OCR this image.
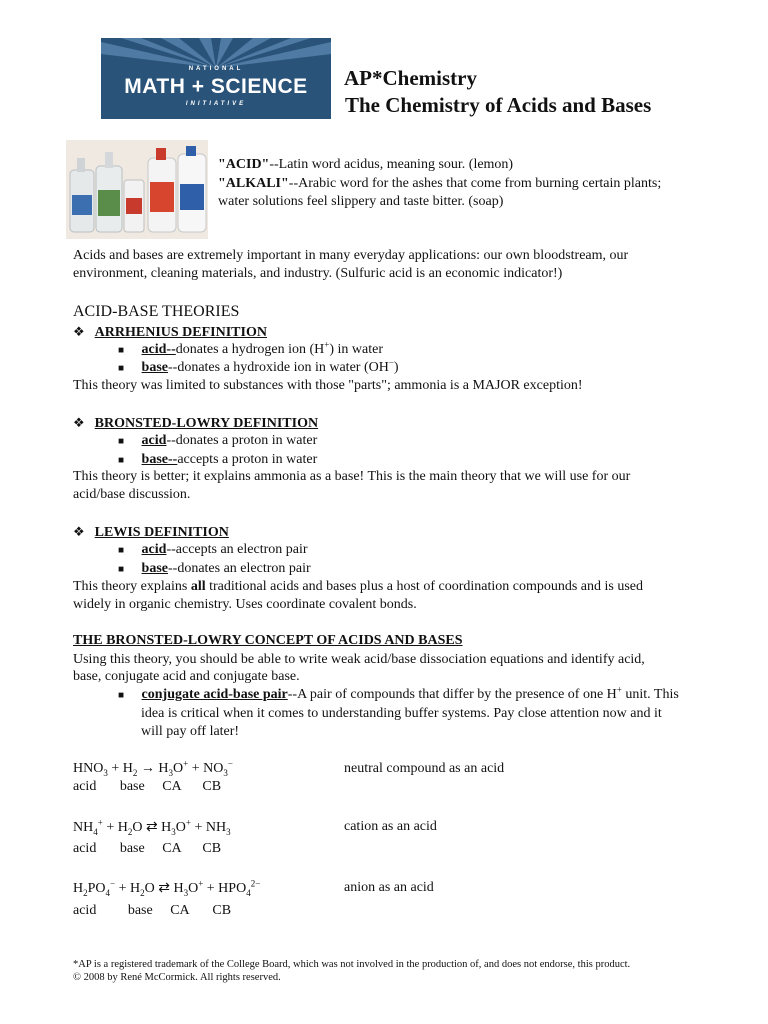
NATIONAL
MATH + SCIENCE
INITIATIVE
AP*Chemistry
The Chemistry of Acids and Bases
"ACID"--Latin word acidus, meaning sour. (lemon)
"ALKALI"--Arabic word for the ashes that come from burning certain plants;
water solutions feel slippery and taste bitter. (soap)
Acids and bases are extremely important in many everyday applications: our own bloodstream, our
environment, cleaning materials, and industry. (Sulfuric acid is an economic indicator!)
ACID-BASE THEORIES
❖ ARRHENIUS DEFINITION
■ acid--donates a hydrogen ion (H+) in water
■ base--donates a hydroxide ion in water (OH−)
This theory was limited to substances with those "parts"; ammonia is a MAJOR exception!
❖ BRONSTED-LOWRY DEFINITION
■ acid--donates a proton in water
■ base--accepts a proton in water
This theory is better; it explains ammonia as a base! This is the main theory that we will use for our
acid/base discussion.
❖ LEWIS DEFINITION
■ acid--accepts an electron pair
■ base--donates an electron pair
This theory explains all traditional acids and bases plus a host of coordination compounds and is used
widely in organic chemistry. Uses coordinate covalent bonds.
THE BRONSTED-LOWRY CONCEPT OF ACIDS AND BASES
Using this theory, you should be able to write weak acid/base dissociation equations and identify acid,
base, conjugate acid and conjugate base.
■ conjugate acid-base pair--A pair of compounds that differ by the presence of one H+ unit. This
idea is critical when it comes to understanding buffer systems. Pay close attention now and it
will pay off later!
$HNO_3 + H_2 \to H_3O^+ + NO_3^-$	neutral compound as an acid
acid base CA CB
$NH_4^+ + H_2O$ ⇄ $H_3O^+ + NH_3$	cation as an acid
acid base CA CB
$H_2PO_4^- + H_2O$ ⇄ $H_3O^+ + HPO_4^{2-}$	anion as an acid
acid base CA CB
*AP is a registered trademark of the College Board, which was not involved in the production of, and does not endorse, this product.
© 2008 by René McCormick. All rights reserved.
